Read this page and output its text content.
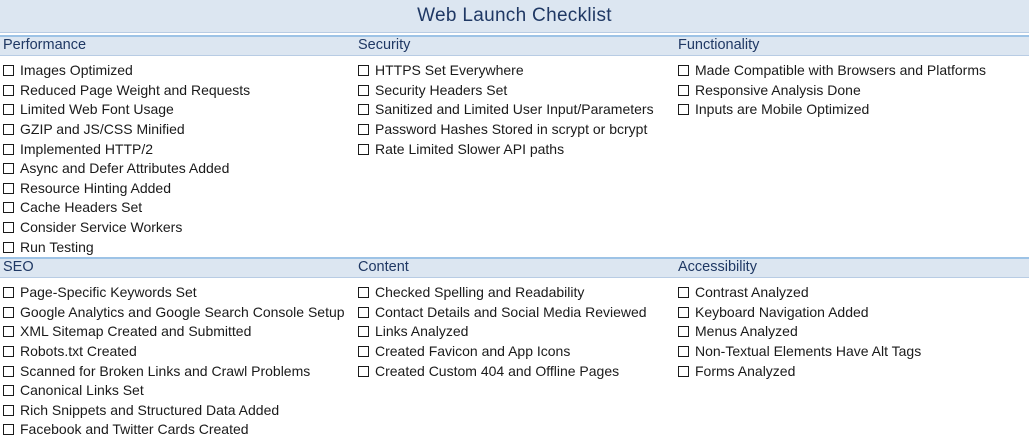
Web Launch Checklist
Performance
Images Optimized
Reduced Page Weight and Requests
Limited Web Font Usage
GZIP and JS/CSS Minified
Implemented HTTP/2
Async and Defer Attributes Added
Resource Hinting Added
Cache Headers Set
Consider Service Workers
Run Testing
Security
HTTPS Set Everywhere
Security Headers Set
Sanitized and Limited User Input/Parameters
Password Hashes Stored in scrypt or bcrypt
Rate Limited Slower API paths
Functionality
Made Compatible with Browsers and Platforms
Responsive Analysis Done
Inputs are Mobile Optimized
SEO
Page-Specific Keywords Set
Google Analytics and Google Search Console Setup
XML Sitemap Created and Submitted
Robots.txt Created
Scanned for Broken Links and Crawl Problems
Canonical Links Set
Rich Snippets and Structured Data Added
Facebook and Twitter Cards Created
Content
Checked Spelling and Readability
Contact Details and Social Media Reviewed
Links Analyzed
Created Favicon and App Icons
Created Custom 404 and Offline Pages
Accessibility
Contrast Analyzed
Keyboard Navigation Added
Menus Analyzed
Non-Textual Elements Have Alt Tags
Forms Analyzed
